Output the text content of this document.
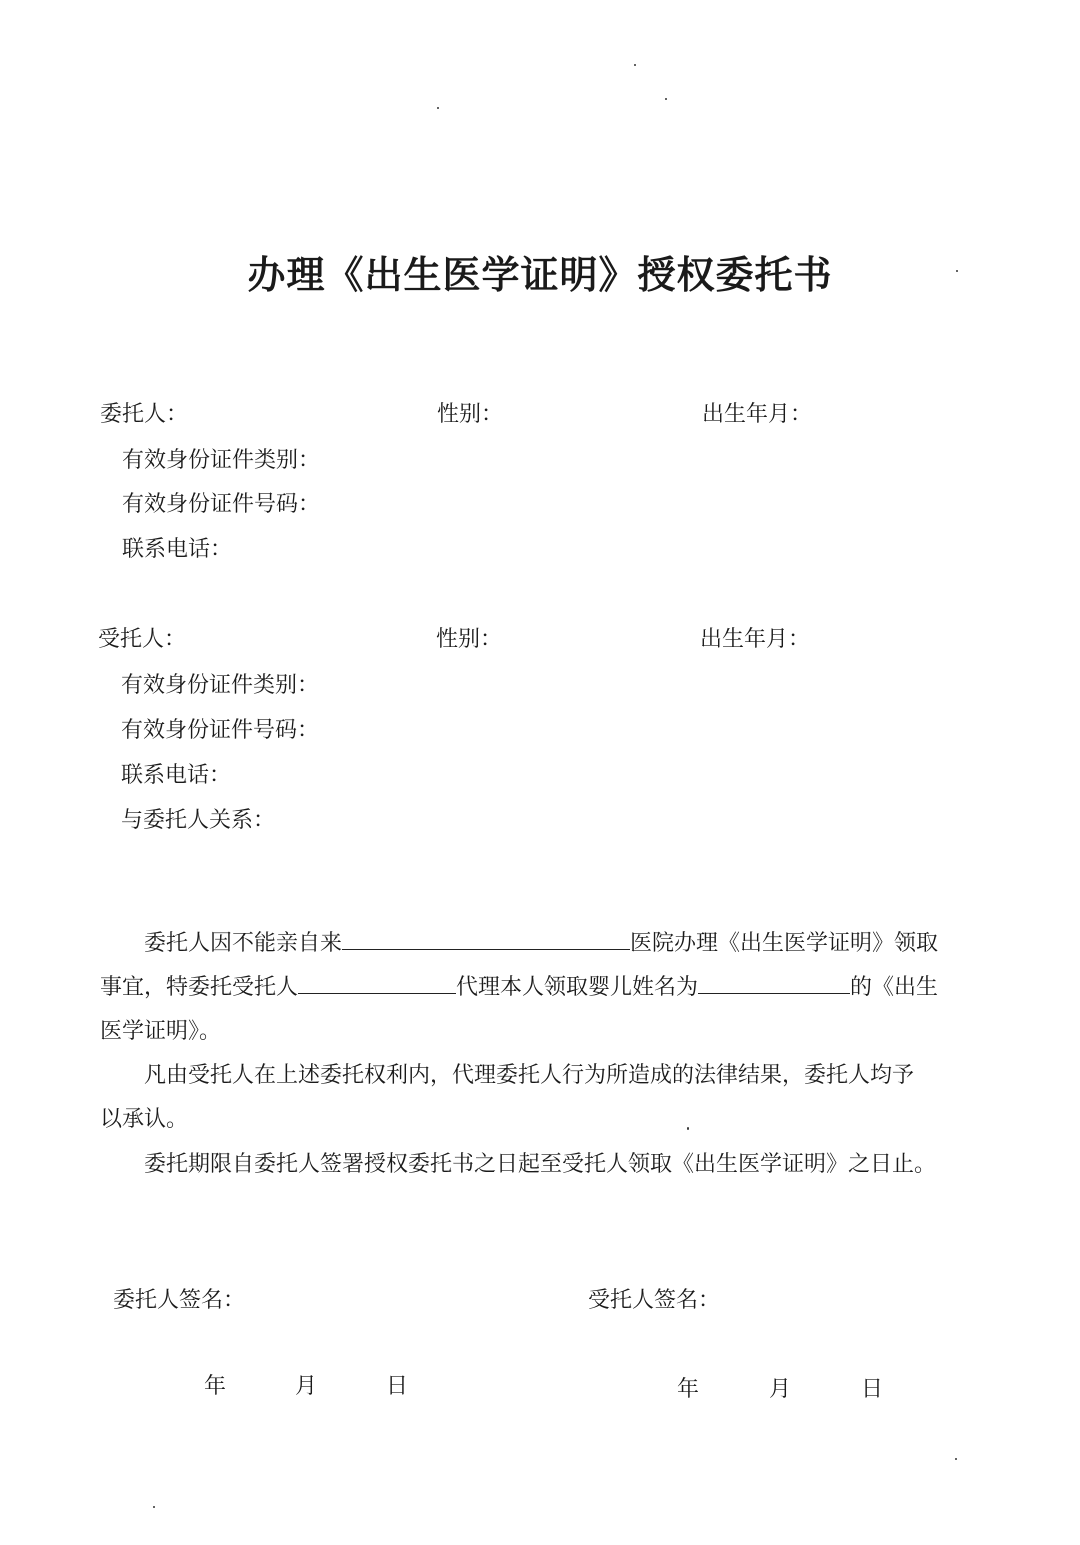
办理《出生医学证明》授权委托书
委托人：	性别：	出生年月：
有效身份证件类别：
有效身份证件号码：
联系电话：
受托人：	性别：	出生年月：
有效身份证件类别：
有效身份证件号码：
联系电话：
与委托人关系：
委托人因不能亲自来	医院办理《出生医学证明》领取
事宜，特委托受托人	代理本人领取婴儿姓名为	的《出生
医学证明》。
凡由受托人在上述委托权利内，代理委托人行为所造成的法律结果，委托人均予
以承认。
委托期限自委托人签署授权委托书之日起至受托人领取《出生医学证明》之日止。
委托人签名：	受托人签名：
年	月	日	年	月	日
